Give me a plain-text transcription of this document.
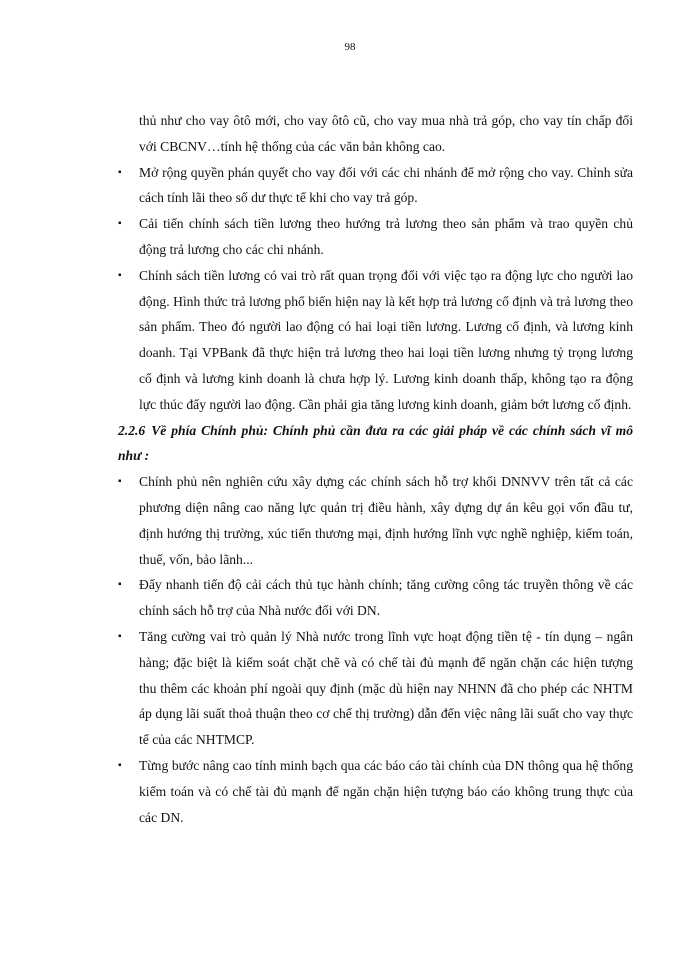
98

thủ như cho vay ôtô mới, cho vay ôtô cũ, cho vay mua nhà trả góp, cho vay tín chấp đối với CBCNV…tính hệ thống của các văn bản không cao.

▪ Mở rộng quyền phán quyết cho vay đối với các chi nhánh để mở rộng cho vay. Chỉnh sửa cách tính lãi theo số dư thực tế khi cho vay trả góp.
▪ Cải tiến chính sách tiền lương theo hướng trả lương theo sản phẩm và trao quyền chủ động trả lương cho các chi nhánh.
▪ Chính sách tiền lương có vai trò rất quan trọng đối với việc tạo ra động lực cho người lao động. Hình thức trả lương phổ biến hiện nay là kết hợp trả lương cố định và trả lương theo sản phẩm. Theo đó người lao động có hai loại tiền lương. Lương cố định, và lương kinh doanh. Tại VPBank đã thực hiện trả lương theo hai loại tiền lương nhưng tỷ trọng lương cố định và lương kinh doanh là chưa hợp lý. Lương kinh doanh thấp, không tạo ra động lực thúc đẩy người lao động. Cần phải gia tăng lương kinh doanh, giảm bớt lương cố định.

2.2.6 Về phía Chính phủ: Chính phủ cần đưa ra các giải pháp về các chính sách vĩ mô như :

▪ Chính phủ nên nghiên cứu xây dựng các chính sách hỗ trợ khối DNNVV trên tất cả các phương diện nâng cao năng lực quản trị điều hành, xây dựng dự án kêu gọi vốn đầu tư, định hướng thị trường, xúc tiến thương mại, định hướng lĩnh vực nghề nghiệp, kiểm toán, thuế, vốn, bảo lãnh...
▪ Đẩy nhanh tiến độ cải cách thủ tục hành chính; tăng cường công tác truyền thông về các chính sách hỗ trợ của Nhà nước đối với DN.
▪ Tăng cường vai trò quản lý Nhà nước trong lĩnh vực hoạt động tiền tệ - tín dụng – ngân hàng; đặc biệt là kiểm soát chặt chẽ và có chế tài đủ mạnh để ngăn chặn các hiện tượng thu thêm các khoản phí ngoài quy định (mặc dù hiện nay NHNN đã cho phép các NHTM áp dụng lãi suất thoả thuận theo cơ chế thị trường) dẫn đến việc nâng lãi suất cho vay thực tế của các NHTMCP.
▪ Từng bước nâng cao tính minh bạch qua các báo cáo tài chính của DN thông qua hệ thống kiểm toán và có chế tài đủ mạnh để ngăn chặn hiện tượng báo cáo không trung thực của các DN.
